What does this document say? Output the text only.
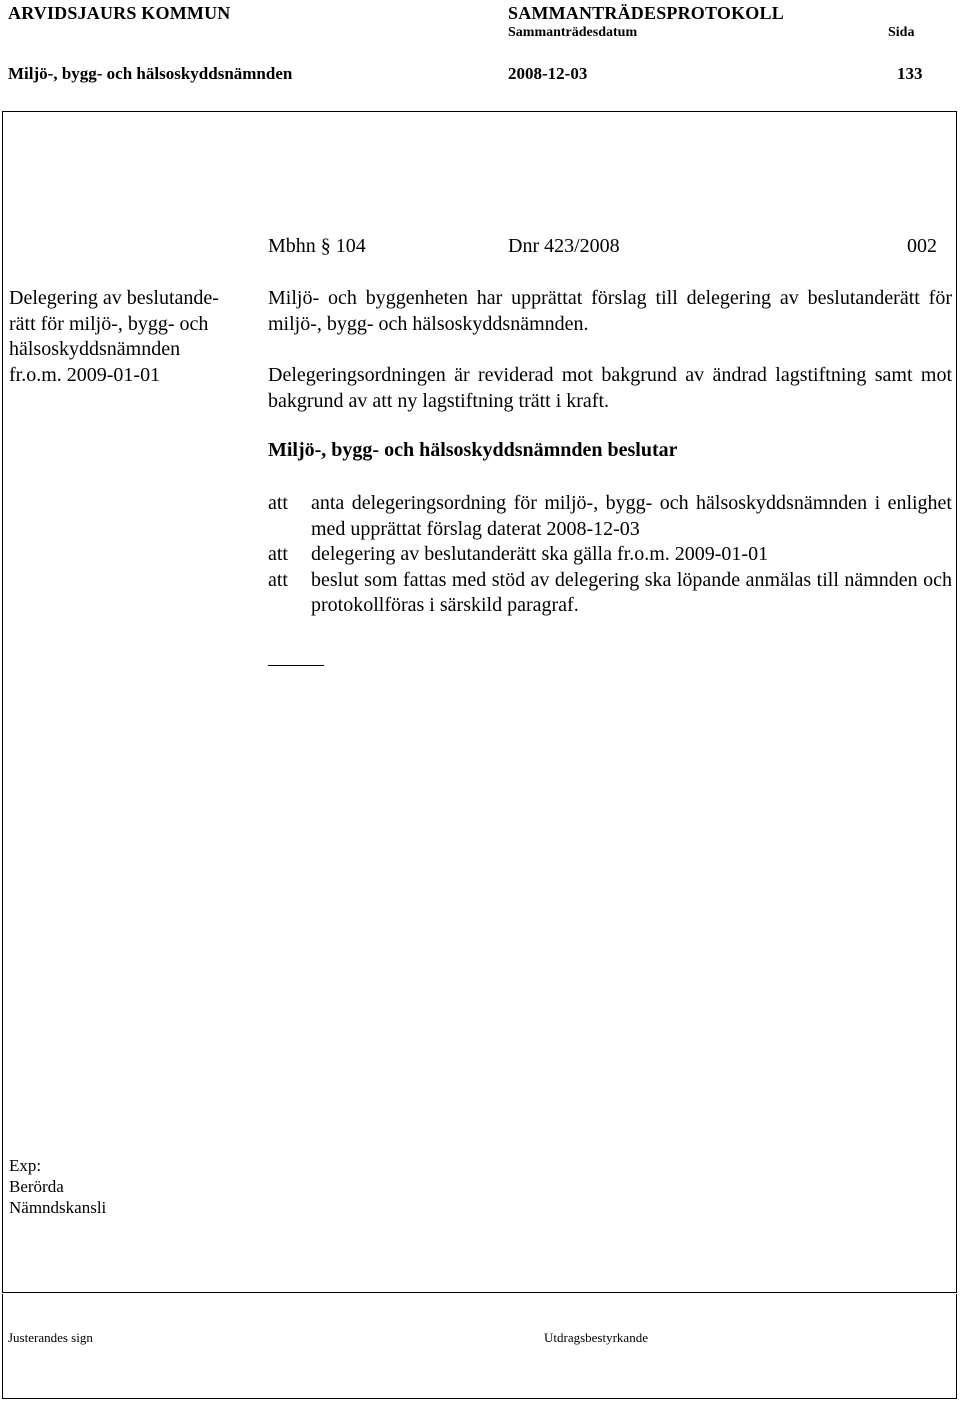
ARVIDSJAURS KOMMUN	SAMMANTRÄDESPROTOKOLL
Sammanträdesdatum	Sida
Miljö-, bygg- och hälsoskyddsnämnden	2008-12-03	133
Mbhn § 104	Dnr 423/2008	002
Delegering av beslutande-
rätt för miljö-, bygg- och
hälsoskyddsnämnden
fr.o.m. 2009-01-01
Miljö- och byggenheten har upprättat förslag till delegering av beslutanderätt för miljö-, bygg- och hälsoskyddsnämnden.
Delegeringsordningen är reviderad mot bakgrund av ändrad lagstiftning samt mot bakgrund av att ny lagstiftning trätt i kraft.
Miljö-, bygg- och hälsoskyddsnämnden beslutar
att	anta delegeringsordning för miljö-, bygg- och hälsoskyddsnämnden i enlighet med upprättat förslag daterat 2008-12-03
att	delegering av beslutanderätt ska gälla fr.o.m. 2009-01-01
att	beslut som fattas med stöd av delegering ska löpande anmälas till nämnden och protokollföras i särskild paragraf.
Exp:
Berörda
Nämndskansli
Justerandes sign	Utdragsbestyrkande
